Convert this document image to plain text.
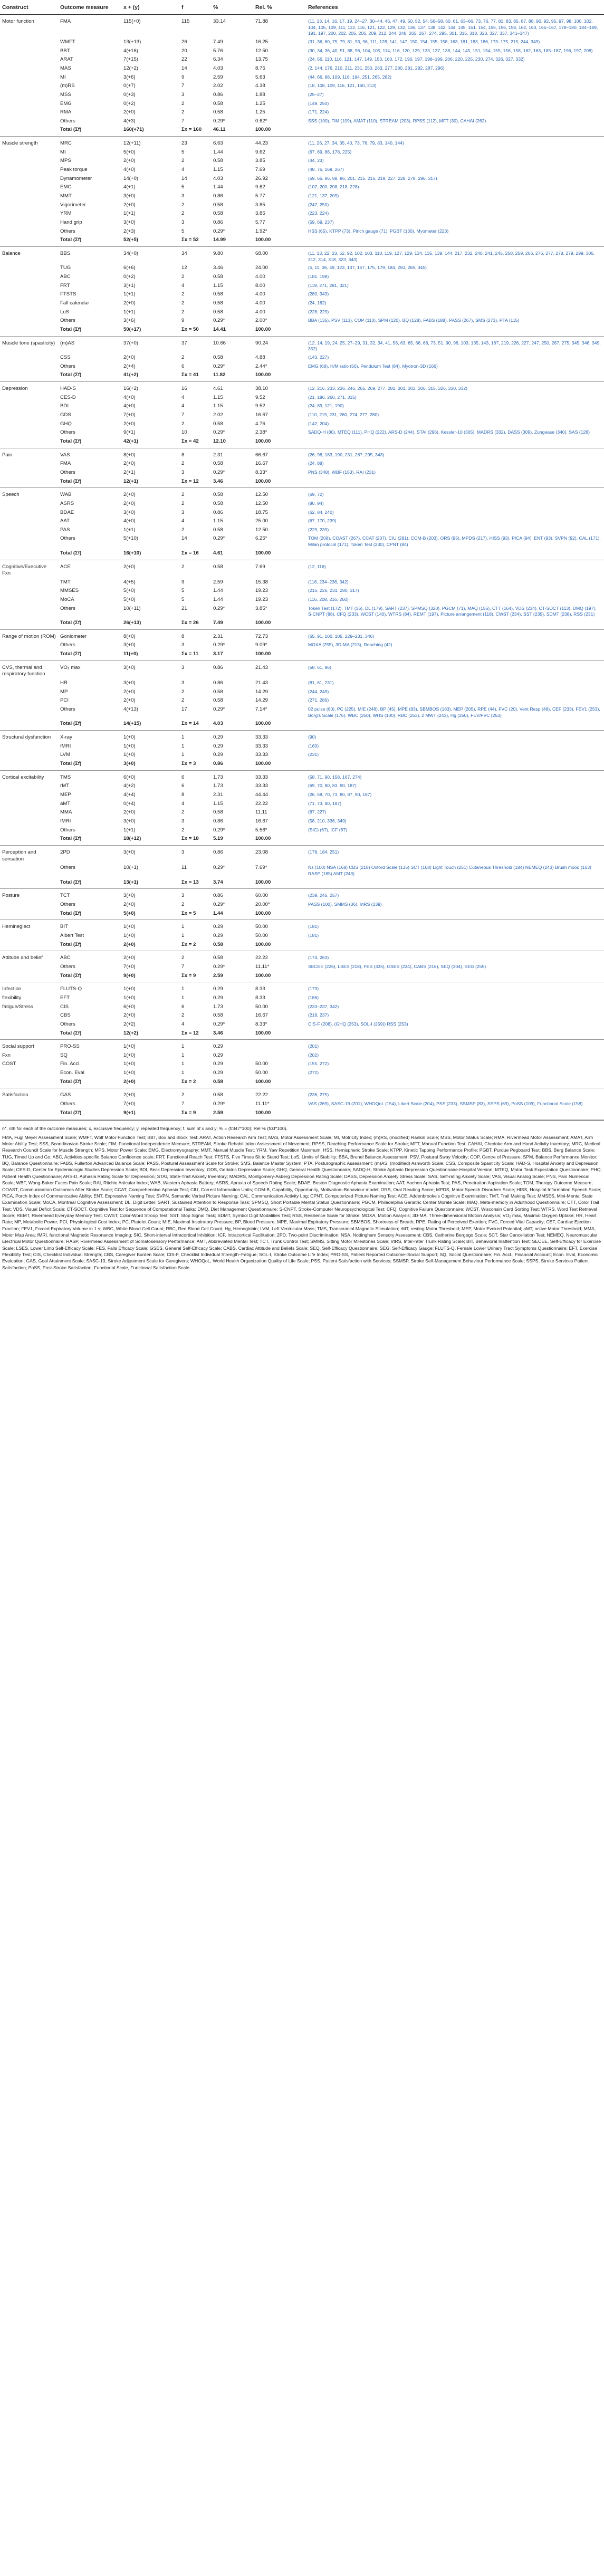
Construct	Outcome measure	x + (y)	f	%	Rel. %	References
Motor function	FMA	115(+0)	115	33.14	71.88	(11, 13, 14, 16, 17, 19, 24–27, 30–44, 46, 47, 49, 50, 52, 54, 56–58, 60, 61, 63–66, 73, 76, 77, 81, 83, 85, 87, 88, 90, 92, 95, 97, 98, 100, 102, 104, 105, 109, 111, 112, 116, 121, 122, 129, 132, 136, 137, 138, 142, 144, 145, 151, 154, 155, 156, 158, 162, 163, 165–167, 178–180, 184–189, 191, 197, 200, 202, 205, 206, 209, 212, 244, 248, 265, 267, 274, 295, 301, 315, 318, 323, 327, 337, 341–347)
	WMFT	13(+13)	26	7.49	16.25	(31, 36, 60, 75, 79, 81, 93, 96, 111, 128, 141, 147, 150, 154, 155, 158, 163, 181, 183, 186, 173–175, 215, 244, 349)
	BBT	4(+16)	20	5.76	12.50	(30, 34, 36, 40, 51, 88, 96, 104, 105, 114, 116, 120, 129, 133, 137, 138, 144, 145, 151, 154, 155, 156, 158, 162, 163, 185–187, 196, 197, 208)
	ARAT	7(+15)	22	6.34	13.75	(24, 56, 110, 116, 121, 147, 149, 153, 160, 172, 190, 197, 198–199, 206, 220, 225, 230, 274, 326, 327, 332)
	MAS	12(+2)	14	4.03	8.75	(2, 144, 176, 210, 211, 231, 250, 263, 277, 280, 281, 282, 287, 296)
	MI	3(+6)	9	2.59	5.63	(44, 66, 88, 109, 116, 194, 251, 265, 282)
	(m)RS	0(+7)	7	2.02	4.38	(18, 108, 109, 116, 121, 160, 213)
	MSS	0(+3)	3	0.86	1.88	(25–27)
	EMG	0(+2)	2	0.58	1.25	(149, 250)
	RMA	2(+0)	2	0.58	1.25	(171, 224)
	Others	4(+3)	7	0.29*	0.62*	SSS (100), FIM (109), AMAT (110), STREAM (203), RPSS (112), MFT (30), CAHAI (262)
	Total (Σf)	160(+71)	Σx = 160	46.11	100.00	
Muscle strength	MRC	12(+11)	23	6.63	44.23	(11, 26, 27, 34, 35, 40, 73, 76, 79, 83, 140, 144)
	MI	5(+0)	5	1.44	9.62	(67, 69, 86, 178, 225)
	MPS	2(+0)	2	0.58	3.85	(44, 23)
	Peak torque	4(+0)	4	1.15	7.69	(48, 75, 168, 267)
	Dynamometer	14(+0)	14	4.03	26.92	(59, 65, 86, 88, 96, 201, 215, 216, 219, 227, 228, 278, 296, 317)
	EMG	4(+1)	5	1.44	9.62	(107, 200, 208, 218, 228)
	MMT	3(+0)	3	0.86	5.77	(121, 137, 209)
	Vigorimeter	2(+0)	2	0.58	3.85	(247, 250)
	YRM	1(+1)	2	0.58	3.85	(223, 224)
	Hand grip	3(+0)	3	0.86	5.77	(59, 69, 237)
	Others	2(+3)	5	0.29*	1.92*	HSS (65), KTPP (73), Pinch gauge (71), PGBT (130), Myometer (223)
	Total (Σf)	52(+5)	Σx = 52	14.99	100.00	
Balance	BBS	34(+0)	34	9.80	68.00	(11, 13, 22, 23, 52, 92, 102, 103, 110, 119, 127, 129, 134, 135, 139, 144, 217, 232, 240, 241, 245, 258, 259, 266, 276, 277, 278, 279, 299, 306, 312, 314, 318, 323, 343)
	TUG	6(+6)	12	3.46	24.00	(5, 11, 36, 49, 123, 137, 157, 175, 179, 184, 250, 265, 345)
	ABC	0(+2)	2	0.58	4.00	(181, 198)
	FRT	3(+1)	4	1.15	8.00	(119, 271, 281, 321)
	FTSTS	1(+1)	2	0.58	4.00	(280, 343)
	Fall calendar	2(+0)	2	0.58	4.00	(24, 162)
	LoS	1(+1)	2	0.58	4.00	(228, 229)
	Others	3(+6)	9	0.29*	2.00*	BBA (135), PSV (113), COP (113), SPM (120), BQ (128), FABS (188), PASS (267), SMS (273), PTA (115)
	Total (Σf)	50(+17)	Σx = 50	14.41	100.00	
Muscle tone (spasticity)	(m)AS	37(+0)	37	10.66	90.24	(12, 14, 19, 24, 25, 27–29, 31, 32, 34, 41, 56, 63, 65, 66, 68, 73, 51, 90, 96, 103, 135, 143, 167, 219, 226, 227, 247, 250, 267, 275, 345, 346, 349, 352)
	CSS	2(+0)	2	0.58	4.88	(143, 227)
	Others	2(+4)	6	0.29*	2.44*	EMG (68), H/M ratio (56), Pendulum Test (84), Myotron-3D (166)
	Total (Σf)	41(+2)	Σx = 41	11.82	100.00	
Depression	HAD-S	16(+2)	16	4.61	38.10	(12, 216, 233, 236, 246, 265, 269, 277, 281, 301, 303, 306, 315, 326, 330, 332)
	CES-D	4(+0)	4	1.15	9.52	(21, 186, 260, 271, 315)
	BDI	4(+0)	4	1.15	9.52	(24, 89, 121, 190)
	GDS	7(+0)	7	2.02	16.67	(110, 215, 231, 260, 274, 277, 280)
	GHQ	2(+0)	2	0.58	4.76	(142, 204)
	Others	9(+1)	10	0.29*	2.38*	SADQ-H (80), MTEQ (111), PHQ (222), ARS-D (244), STAI (296), Kessler-10 (305), MADRS (332), DASS (309), Zungease (340), SAS (128)
	Total (Σf)	42(+1)	Σx = 42	12.10	100.00	
Pain	VAS	8(+0)	8	2.31	66.67	(26, 98, 183, 190, 231, 287, 295, 343)
	FMA	2(+0)	2	0.58	16.67	(24, 88)
	Others	2(+1)	3	0.29*	8.33*	PNS (348), WBF (153), RAI (231)
	Total (Σf)	12(+1)	Σx = 12	3.46	100.00	
Speech	WAB	2(+0)	2	0.58	12.50	(69, 72)
	ASRS	2(+0)	2	0.58	12.50	(80, 94)
	BDAE	3(+0)	3	0.86	18.75	(62, 84, 240)
	AAT	4(+0)	4	1.15	25.00	(67, 170, 239)
	PAS	1(+1)	2	0.58	12.50	(229, 239)
	Others	5(+10)	14	0.29*	6.25*	TOM (208), COAST (267), CCAT (207), CIU (281), COM-B (203), ORS (95), MPDS (217), HISS (93), PICA (94), ENT (93), SVPN (92), CAL (171), Milan protocol (171), Token Test (230), CPNT (84)
	Total (Σf)	16(+10)	Σx = 16	4.61	100.00	
Cognitive/Executive Fxn	ACE	2(+0)	2	0.58	7.69	(12, 116)
	TMT	4(+5)	9	2.59	15.38	(116, 234–236, 342)
	MMSES	5(+0)	5	1.44	19.23	(215, 226, 231, 280, 317)
	MoCA	5(+0)	5	1.44	19.23	(116, 208, 216, 260)
	Others	10(+11)	21	0.29*	3.85*	Token Test (172), TMT (35), DL (179), SART (237), SPMSQ (320), PGCM (71), MAQ (155), CTT (164), VDS (234), CT-SOCT (113), DMQ (197), S-CNPT (88), CFQ (233), WCST (140), WTRS (84), REMT (197), Picture arrangement (118), CWST (234), SST (235), SDMT (238), RSS (231)
	Total (Σf)	26(+13)	Σx = 26	7.49	100.00	
Range of motion (ROM)	Goniometer	8(+0)	8	2.31	72.73	(65, 91, 100, 105, 229–231, 346)
	Others	3(+0)	3	0.29*	9.09*	MOXA (255), 3D-MA (213), Reaching (42)
	Total (Σf)	11(+0)	Σx = 11	3.17	100.00	
CVS, thermal and respiratory function	VO₂ max	3(+0)	3	0.86	21.43	(58, 61, 96)
	HR	3(+0)	3	0.86	21.43	(81, 61, 231)
	MP	2(+0)	2	0.58	14.29	(244, 249)
	PCI	2(+0)	2	0.58	14.29	(271, 286)
	Others	4(+13)	17	0.29*	7.14*	02 pulse (60), PC (225), MIE (248), BP (45), MPE (83), SBMBOS (183), MEP (205), RPE (44), FVC (20), Vent Resp (48), CEF (233), FEV1 (253), Borg's Scale (176), WBC (250), WHS (100), RBC (253), 2 MWT (243), Hg (250), FEV/FVC (253)
	Total (Σf)	14(+15)	Σx = 14	4.03	100.00	
Structural dysfunction	X-ray	1(+0)	1	0.29	33.33	(90)
	fMRI	1(+0)	1	0.29	33.33	(160)
	LVM	1(+0)	1	0.29	33.33	(231)
	Total (Σf)	3(+0)	Σx = 3	0.86	100.00	
Cortical excitability	TMS	6(+0)	6	1.73	33.33	(58, 71, 90, 158, 167, 274)
	rMT	4(+2)	6	1.73	33.33	(69, 70, 80, 83, 90, 187)
	MEP	4(+4)	8	2.31	44.44	(26, 58, 70, 73, 80, 87, 90, 187)
	aMT	0(+4)	4	1.15	22.22	(71, 73, 80, 187)
	MMA	2(+0)	2	0.58	11.11	(87, 227)
	fMRI	3(+0)	3	0.86	16.67	(58, 210, 336, 349)
	Others	1(+1)	2	0.29*	5.56*	(SIC) (67), ICF (67)
	Total (Σf)	18(+12)	Σx = 18	5.19	100.00	
Perception and sensation	2PD	3(+0)	3	0.86	23.08	(178, 184, 251)
	Others	10(+1)	11	0.29*	7.69*	Ns (100) NSA (168) CBS (218) Oxford Scale (135) SCT (168) Light Touch (251) Cutaneous Threshold (184) NEMEQ (243) Brush mood (163) RASP (185) AMT (243)
	Total (Σf)	13(+1)	Σx = 13	3.74	100.00	
Posture	TCT	3(+0)	3	0.86	60.00	(239, 245, 257)
	Others	2(+0)	2	0.29*	20.00*	PASS (100), SMMS (36), IrtRS (139)
	Total (Σf)	5(+0)	Σx = 5	1.44	100.00	
Hemineglect	BIT	1(+0)	1	0.29	50.00	(181)
	Albert Test	1(+0)	1	0.29	50.00	(181)
	Total (Σf)	2(+0)	Σx = 2	0.58	100.00	
Attitude and belief	ABC	2(+0)	2	0.58	22.22	(174, 263)
	Others	7(+0)	7	0.29*	11.11*	SECEE (226), LSES (218), FES (335), GSES (234), CABS (216), SEQ (304), SEG (255)
	Total (Σf)	9(+0)	Σx = 9	2.59	100.00	
Infection	FLUTS-Q	1(+0)	1	0.29	8.33	(173)
flexibility	EFT	1(+0)	1	0.29	8.33	(186)
fatigue/Stress	CIS	6(+0)	6	1.73	50.00	(233–237, 342)
	CBS	2(+0)	2	0.58	16.67	(218, 237)
	Others	2(+2)	4	0.29*	8.33*	CIS-F (208), (GHQ (253), SOL-I (259)) RSS (253)
	Total (Σf)	12(+2)	Σx = 12	3.46	100.00	
Social support	PRO-SS	1(+0)	1	0.29		(201)
Fxn	SQ	1(+0)	1	0.29		(202)
COST	Fin. Accl.	1(+0)	1	0.29	50.00	(155, 272)
	Econ. Eval	1(+0)	1	0.29	50.00	(272)
	Total (Σf)	2(+0)	Σx = 2	0.58	100.00	
Satisfaction	GAS	2(+0)	2	0.58	22.22	(236, 275)
	Others	7(+0)	7	0.29*	11.11*	VAS (269), SASC-19 (201), WHOQoL (154), Likert Scale (204), PSS (233), SSMSP (83), SSPS (69), PoSS (109), Functional Scale (158)
	Total (Σf)	9(+1)	Σx = 9	2.59	100.00	

n*, nth for each of the outcome measures; x, exclusive frequency; y, repeated frequency; f, sum of x and y; % = (f/347*100); Rel % (f/Σf*100).

FMA, Fugl Meyer Assessment Scale; WMFT, Wolf Motor Function Test; BBT, Box and Block Test; ARAT, Action Research Arm Test; MAS, Motor Assessment Scale; MI, Motricity Index; (m)RS, (modified) Rankin Scale; MSS, Motor Status Scale; RMA, Rivermead Motor Assessment; AMAT, Arm Motor Ability Test; SSS, Scandinavian Stroke Scale; FIM, Functional Independence Measure; STREAM, Stroke Rehabilitation Assessment of Movement; RPSS, Reaching Performance Scale for Stroke; MFT, Manual Function Test; CAHAI, Chedoke Arm and Hand Activity Inventory; MRC, Medical Research Council Scale for Muscle Strength; MPS, Motor Power Scale; EMG, Electromyography; MMT, Manual Muscle Test; YRM, Yaw Repetition Maximum; HSS, Hemispheric Stroke Scale; KTPP, Kinetic Tapping Performance Profile; PGBT, Purdue Pegboard Test; BBS, Berg Balance Scale; TUG, Timed Up and Go; ABC, Activities-specific Balance Confidence scale; FRT, Functional Reach Test; FTSTS, Five Times Sit to Stand Test; LoS, Limits of Stability; BBA, Brunel Balance Assessment; PSV, Postural Sway Velocity; COP, Centre of Pressure; SPM, Balance Performance Monitor; BQ, Balance Questionnaire; FABS, Fullerton Advanced Balance Scale; PASS, Postural Assessment Scale for Stroke; SMS, Balance Master System; PTA, Posturographic Assessment; (m)AS, (modified) Ashworth Scale; CSS, Composite Spasticity Scale; HAD-S, Hospital Anxiety and Depression Scale; CES-D, Center for Epidemiologic Studies Depression Scale; BDI, Beck Depression Inventory; GDS, Geriatric Depression Scale; GHQ, General Health Questionnaire; SADQ-H, Stroke Aphasic Depression Questionnaire-Hospital Version; MTEQ, Motor Task Expectation Questionnaire; PHQ, Patient Health Questionnaire; ARS-D, Aphasia Rating Scale for Depression; STAI, State-Trait Anxiety Inventory; MADRS, Montgomery-Asberg Depression Rating Scale; DASS, Depression Anxiety Stress Scale; SAS, Self-rating Anxiety Scale; VAS, Visual Analog Scale; PNS, Pain Numerical Scale; WBF, Wong-Baker Faces Pain Scale; RAI, Ritchie Articular Index; WAB, Western Aphasia Battery; ASRS, Apraxia of Speech Rating Scale; BDAE, Boston Diagnostic Aphasia Examination; AAT, Aachen Aphasia Test; PAS, Penetration Aspiration Scale; TOM, Therapy Outcome Measure; COAST, Communication Outcomes After Stroke Scale; CCAT, Comprehensive Aphasia Test; CIU, Correct Information Units; COM-B, Capability, Opportunity, Motivation–Behaviour model; ORS, Oral Reading Score; MPDS, Motor Speech Disorders Scale; HISS, Hospital Information Speech Scale; PICA, Porch Index of Communicative Ability; ENT, Expressive Naming Test; SVPN, Semantic Verbal Picture Naming; CAL, Communication Activity Log; CPNT, Computerized Picture Naming Test; ACE, Addenbrooke's Cognitive Examination; TMT, Trail Making Test; MMSES, Mini-Mental State Examination Scale; MoCA, Montreal Cognitive Assessment; DL, Digit Letter; SART, Sustained Attention to Response Task; SPMSQ, Short Portable Mental Status Questionnaire; PGCM, Philadelphia Geriatric Center Morale Scale; MAQ, Meta-memory in Adulthood Questionnaire; CTT, Color Trail Test; VDS, Visual Deficit Scale; CT-SOCT, Cognitive Test for Sequence of Computational Tasks; DMQ, Diet Management Questionnaire; S-CNPT, Stroke-Computer Neuropsychological Test; CFQ, Cognitive Failure Questionnaire; WCST, Wisconsin Card Sorting Test; WTRS, Word Test Retrieval Score; REMT, Rivermead Everyday Memory Test; CWST, Color-Word Stroop Test; SST, Stop Signal Task; SDMT, Symbol Digit Modalities Test; RSS, Resilience Scale for Stroke; MOXA, Motion Analysis; 3D-MA, Three-dimensional Motion Analysis; VO₂ max, Maximal Oxygen Uptake; HR, Heart Rate; MP, Metabolic Power; PCI, Physiological Cost Index; PC, Platelet Count; MIE, Maximal Inspiratory Pressure; BP, Blood Pressure; MPE, Maximal Expiratory Pressure; SBMBOS, Shortness of Breath; RPE, Rating of Perceived Exertion; FVC, Forced Vital Capacity; CEF, Cardiac Ejection Fraction; FEV1, Forced Expiratory Volume in 1 s; WBC, White Blood Cell Count; RBC, Red Blood Cell Count; Hg, Hemoglobin; LVM, Left Ventricular Mass; TMS, Transcranial Magnetic Stimulation; rMT, resting Motor Threshold; MEP, Motor Evoked Potential; aMT, active Motor Threshold; MMA, Motor Map Area; fMRI, functional Magnetic Resonance Imaging; SIC, Short-interval Intracortical Inhibition; ICF, Intracortical Facilitation; 2PD, Two-point Discrimination; NSA, Nottingham Sensory Assessment; CBS, Catherine Bergego Scale; SCT, Star Cancellation Test; NEMEQ, Neuromuscular Electrical Motor Questionnaire; RASP, Rivermead Assessment of Somatosensory Performance; AMT, Abbreviated Mental Test; TCT, Trunk Control Test; SMMS, Sitting Motor Milestones Scale; IrtRS, Inter-rater Trunk Rating Scale; BIT, Behavioral Inattention Test; SECEE, Self-Efficacy for Exercise Scale; LSES, Lower Limb Self-Efficacy Scale; FES, Falls Efficacy Scale; GSES, General Self-Efficacy Scale; CABS, Cardiac Attitude and Beliefs Scale; SEQ, Self-Efficacy Questionnaire; SEG, Self-Efficacy Gauge; FLUTS-Q, Female Lower Urinary Tract Symptoms Questionnaire; EFT, Exercise Flexibility Test; CIS, Checklist Individual Strength; CBS, Caregiver Burden Scale; CIS-F, Checklist Individual Strength–Fatigue; SOL-I, Stroke Outcome Life Index; PRO-SS, Patient Reported Outcome–Social Support; SQ, Social Questionnaire; Fin. Accl., Financial Account; Econ. Eval, Economic Evaluation; GAS, Goal Attainment Scale; SASC-19, Stroke Adjustment Scale for Caregivers; WHOQoL, World Health Organization Quality of Life Scale; PSS, Patient Satisfaction with Services; SSMSP, Stroke Self-Management Behaviour Performance Scale; SSPS, Stroke Services Patient Satisfaction; PoSS, Post-Stroke Satisfaction; Functional Scale, Functional Satisfaction Scale.
